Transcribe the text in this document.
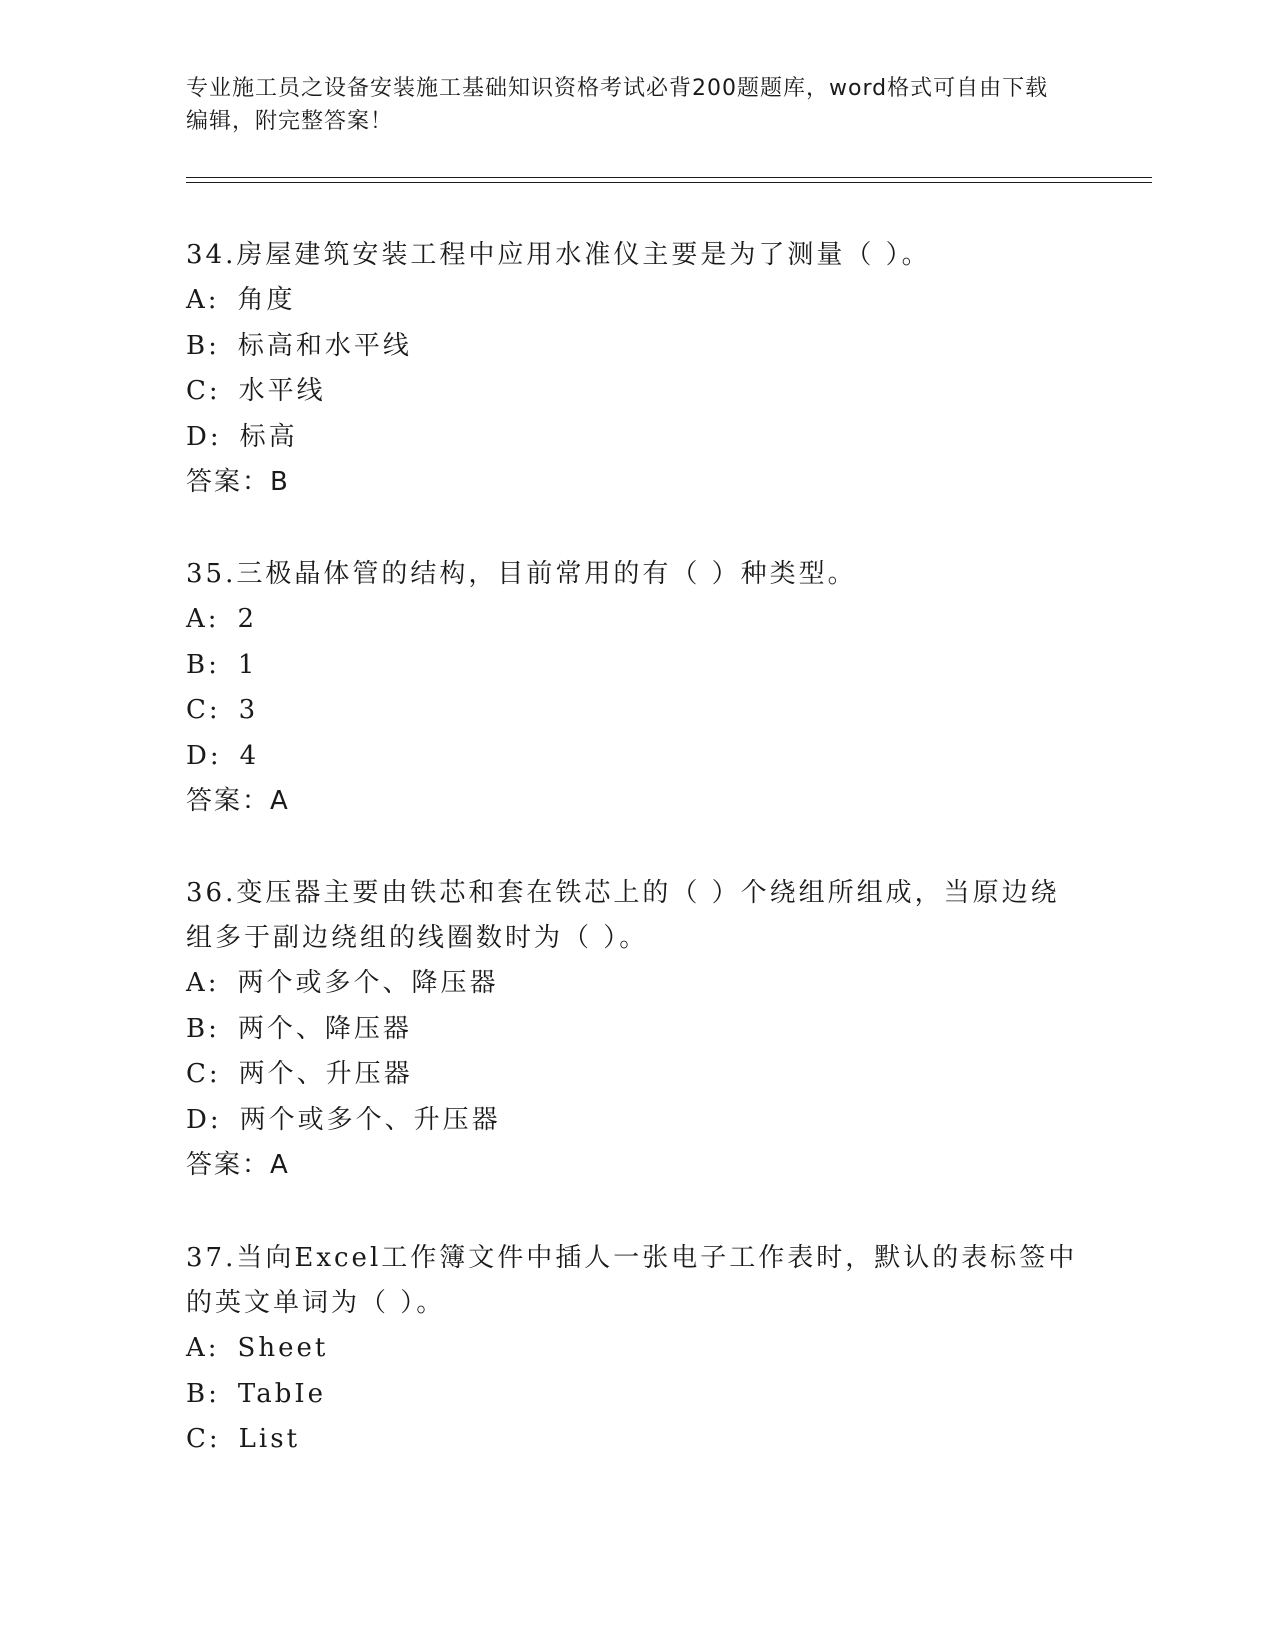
专业施工员之设备安装施工基础知识资格考试必背200题题库，word格式可自由下载编辑，附完整答案！

34.房屋建筑安装工程中应用水准仪主要是为了测量（ ）。

A: 角度

B: 标高和水平线

C: 水平线

D: 标高

答案：B

35.三极晶体管的结构，目前常用的有（ ）种类型。

A: 2

B: 1

C: 3

D: 4

答案：A

36.变压器主要由铁芯和套在铁芯上的（ ）个绕组所组成，当原边绕组多于副边绕组的线圈数时为（ ）。

A: 两个或多个、降压器

B: 两个、降压器

C: 两个、升压器

D: 两个或多个、升压器

答案：A

37.当向Excel工作簿文件中插人一张电子工作表时，默认的表标签中的英文单词为（ ）。

A: Sheet

B: TabIe

C: List
